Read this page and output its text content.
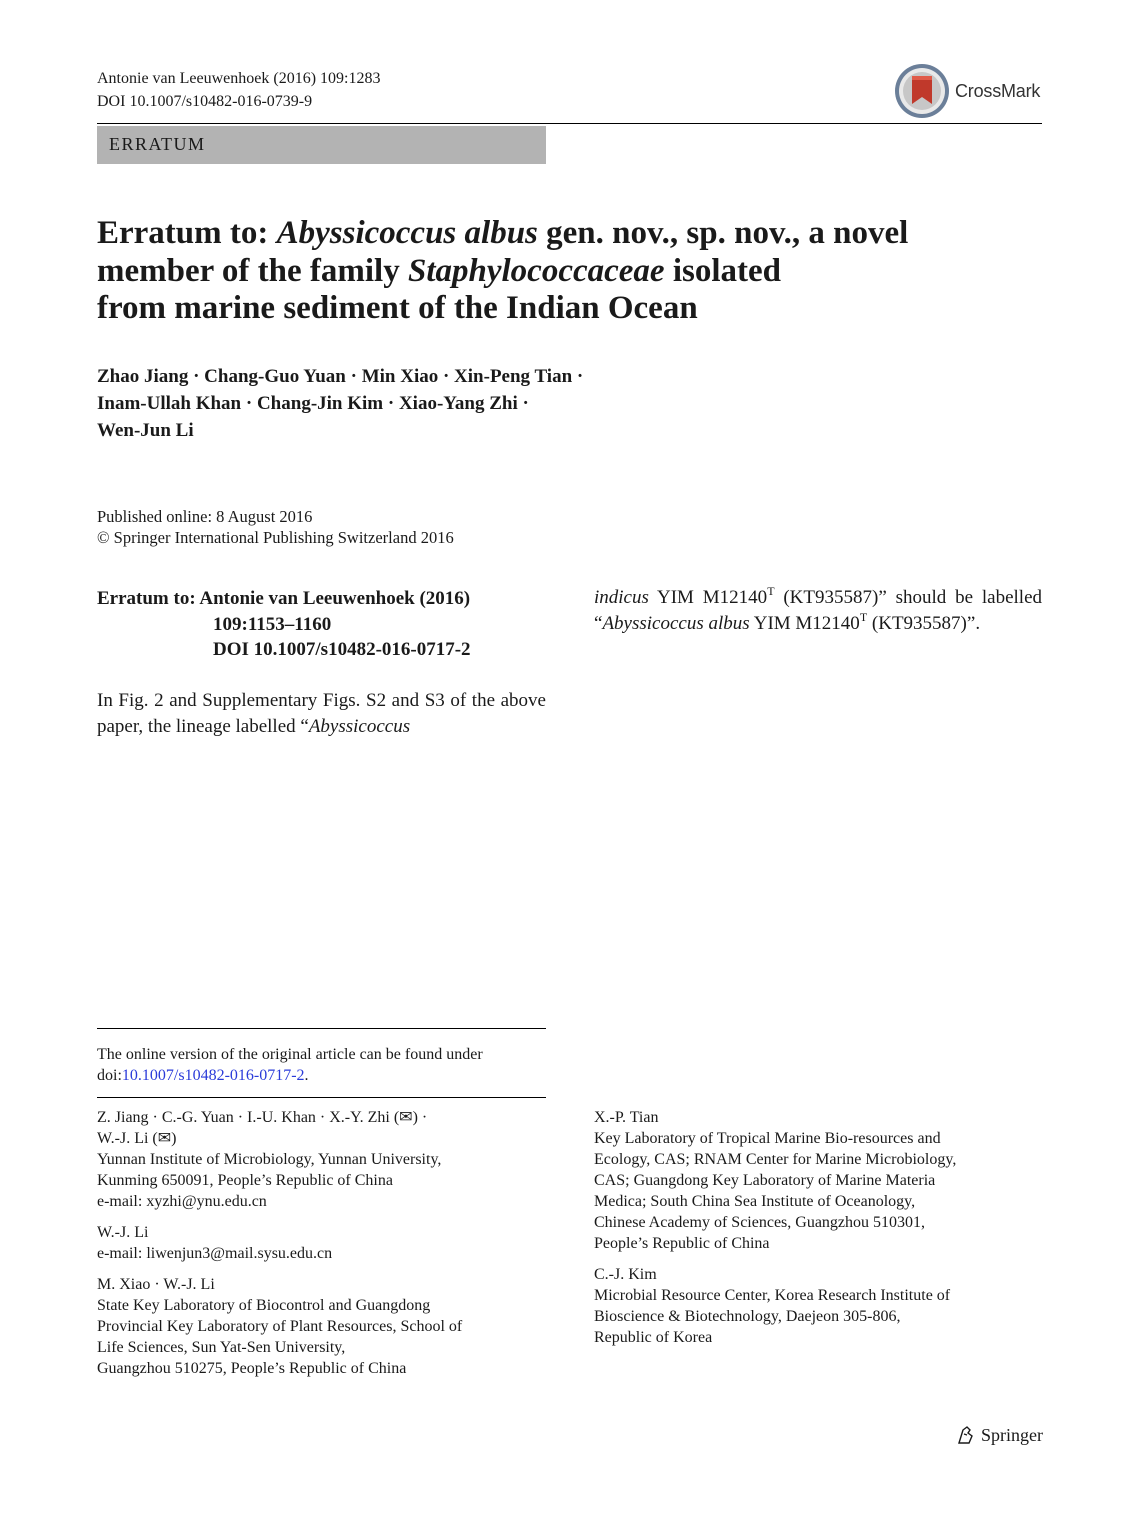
Antonie van Leeuwenhoek (2016) 109:1283
DOI 10.1007/s10482-016-0739-9
CrossMark
ERRATUM
Erratum to: Abyssicoccus albus gen. nov., sp. nov., a novel
member of the family Staphylococcaceae isolated
from marine sediment of the Indian Ocean
Zhao Jiang · Chang-Guo Yuan · Min Xiao · Xin-Peng Tian ·
Inam-Ullah Khan · Chang-Jin Kim · Xiao-Yang Zhi ·
Wen-Jun Li
Published online: 8 August 2016
© Springer International Publishing Switzerland 2016
Erratum to: Antonie van Leeuwenhoek (2016)
109:1153–1160
DOI 10.1007/s10482-016-0717-2
In Fig. 2 and Supplementary Figs. S2 and S3 of the above paper, the lineage labelled “Abyssicoccus
indicus YIM $M12140^T$ (KT935587)” should be labelled “Abyssicoccus albus YIM $M12140^T$ (KT935587)”.
The online version of the original article can be found under
doi:10.1007/s10482-016-0717-2.
Z. Jiang · C.-G. Yuan · I.-U. Khan · X.-Y. Zhi (✉) ·
W.-J. Li (✉)
Yunnan Institute of Microbiology, Yunnan University,
Kunming 650091, People’s Republic of China
e-mail: xyzhi@ynu.edu.cn
W.-J. Li
e-mail: liwenjun3@mail.sysu.edu.cn
M. Xiao · W.-J. Li
State Key Laboratory of Biocontrol and Guangdong
Provincial Key Laboratory of Plant Resources, School of
Life Sciences, Sun Yat-Sen University,
Guangzhou 510275, People’s Republic of China
X.-P. Tian
Key Laboratory of Tropical Marine Bio-resources and
Ecology, CAS; RNAM Center for Marine Microbiology,
CAS; Guangdong Key Laboratory of Marine Materia
Medica; South China Sea Institute of Oceanology,
Chinese Academy of Sciences, Guangzhou 510301,
People’s Republic of China
C.-J. Kim
Microbial Resource Center, Korea Research Institute of
Bioscience & Biotechnology, Daejeon 305-806,
Republic of Korea
Springer
